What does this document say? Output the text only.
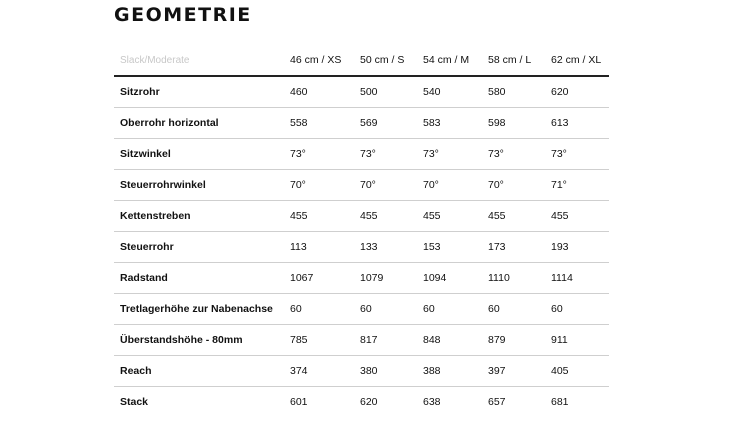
GEOMETRIE
Slack/Moderate	46 cm / XS	50 cm / S	54 cm / M	58 cm / L	62 cm / XL
Sitzrohr	460	500	540	580	620
Oberrohr horizontal	558	569	583	598	613
Sitzwinkel	73°	73°	73°	73°	73°
Steuerrohrwinkel	70°	70°	70°	70°	71°
Kettenstreben	455	455	455	455	455
Steuerrohr	113	133	153	173	193
Radstand	1067	1079	1094	1110	1114
Tretlagerhöhe zur Nabenachse	60	60	60	60	60
Überstandshöhe - 80mm	785	817	848	879	911
Reach	374	380	388	397	405
Stack	601	620	638	657	681
